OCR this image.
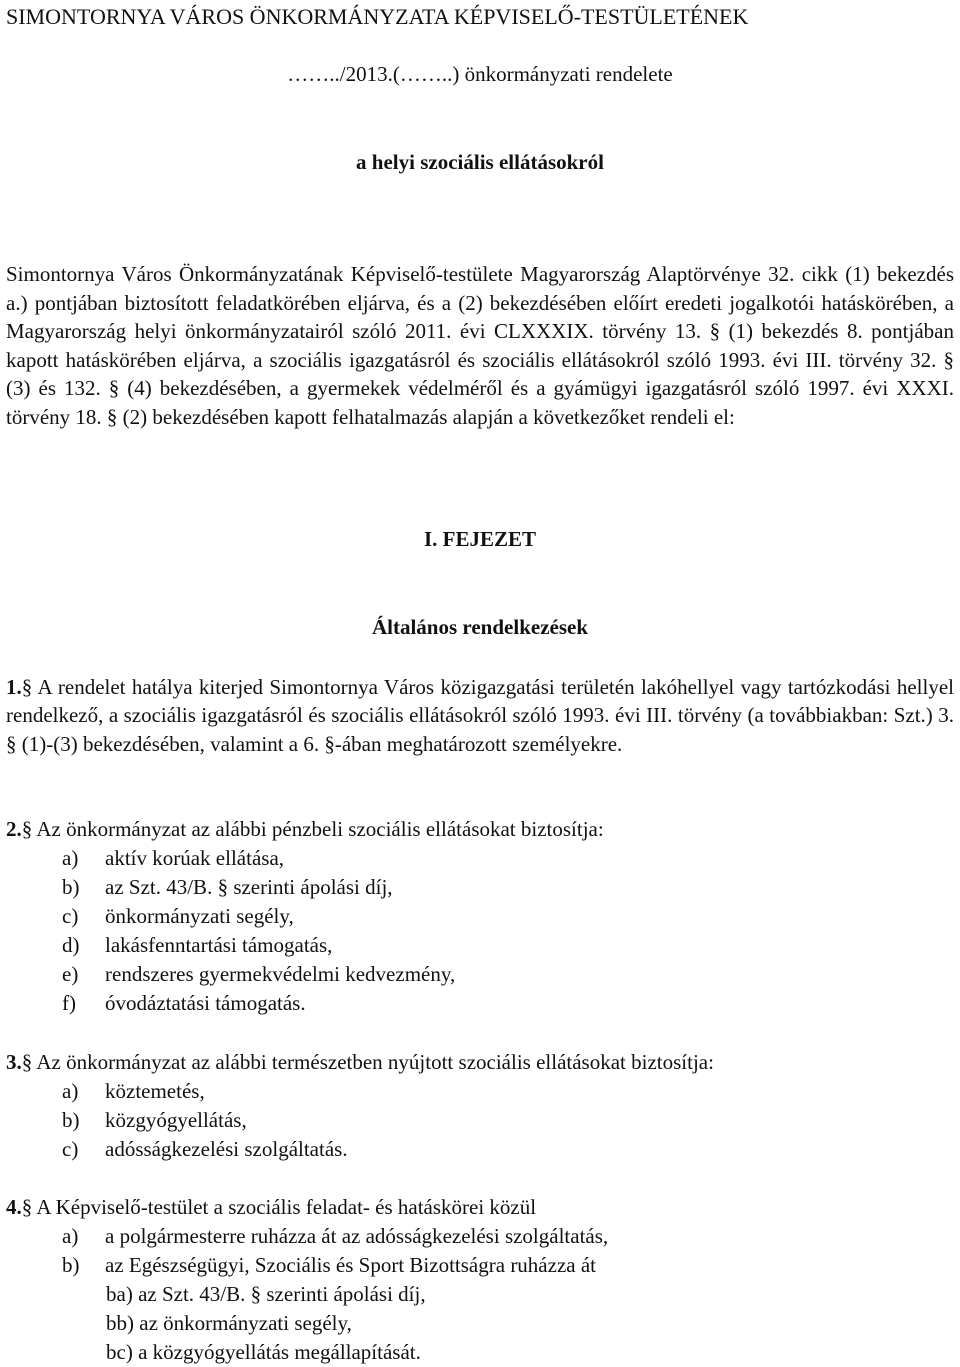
SIMONTORNYA VÁROS ÖNKORMÁNYZATA KÉPVISELŐ-TESTÜLETÉNEK
……../2013.(……..) önkormányzati rendelete
a helyi szociális ellátásokról
Simontornya Város Önkormányzatának Képviselő-testülete Magyarország Alaptörvénye 32. cikk (1) bekezdés a.) pontjában biztosított feladatkörében eljárva, és a (2) bekezdésében előírt eredeti jogalkotói hatáskörében, a Magyarország helyi önkormányzatairól szóló 2011. évi CLXXXIX. törvény 13. § (1) bekezdés 8. pontjában kapott hatáskörében eljárva, a szociális igazgatásról és szociális ellátásokról szóló 1993. évi III. törvény 32. § (3) és 132. § (4) bekezdésében, a gyermekek védelméről és a gyámügyi igazgatásról szóló 1997. évi XXXI. törvény 18. § (2) bekezdésében kapott felhatalmazás alapján a következőket rendeli el:
I. FEJEZET
Általános rendelkezések
1.§ A rendelet hatálya kiterjed Simontornya Város közigazgatási területén lakóhellyel vagy tartózkodási hellyel rendelkező, a szociális igazgatásról és szociális ellátásokról szóló 1993. évi III. törvény (a továbbiakban: Szt.) 3. § (1)-(3) bekezdésében, valamint a 6. §-ában meghatározott személyekre.
2.§ Az önkormányzat az alábbi pénzbeli szociális ellátásokat biztosítja:
a) aktív korúak ellátása,
b) az Szt. 43/B. § szerinti ápolási díj,
c) önkormányzati segély,
d) lakásfenntartási támogatás,
e) rendszeres gyermekvédelmi kedvezmény,
f) óvodáztatási támogatás.
3.§ Az önkormányzat az alábbi természetben nyújtott szociális ellátásokat biztosítja:
a) köztemetés,
b) közgyógyellátás,
c) adósságkezelési szolgáltatás.
4.§ A Képviselő-testület a szociális feladat- és hatáskörei közül
a) a polgármesterre ruházza át az adósságkezelési szolgáltatás,
b) az Egészségügyi, Szociális és Sport Bizottságra ruházza át
ba) az Szt. 43/B. § szerinti ápolási díj,
bb) az önkormányzati segély,
bc) a közgyógyellátás megállapítását.
